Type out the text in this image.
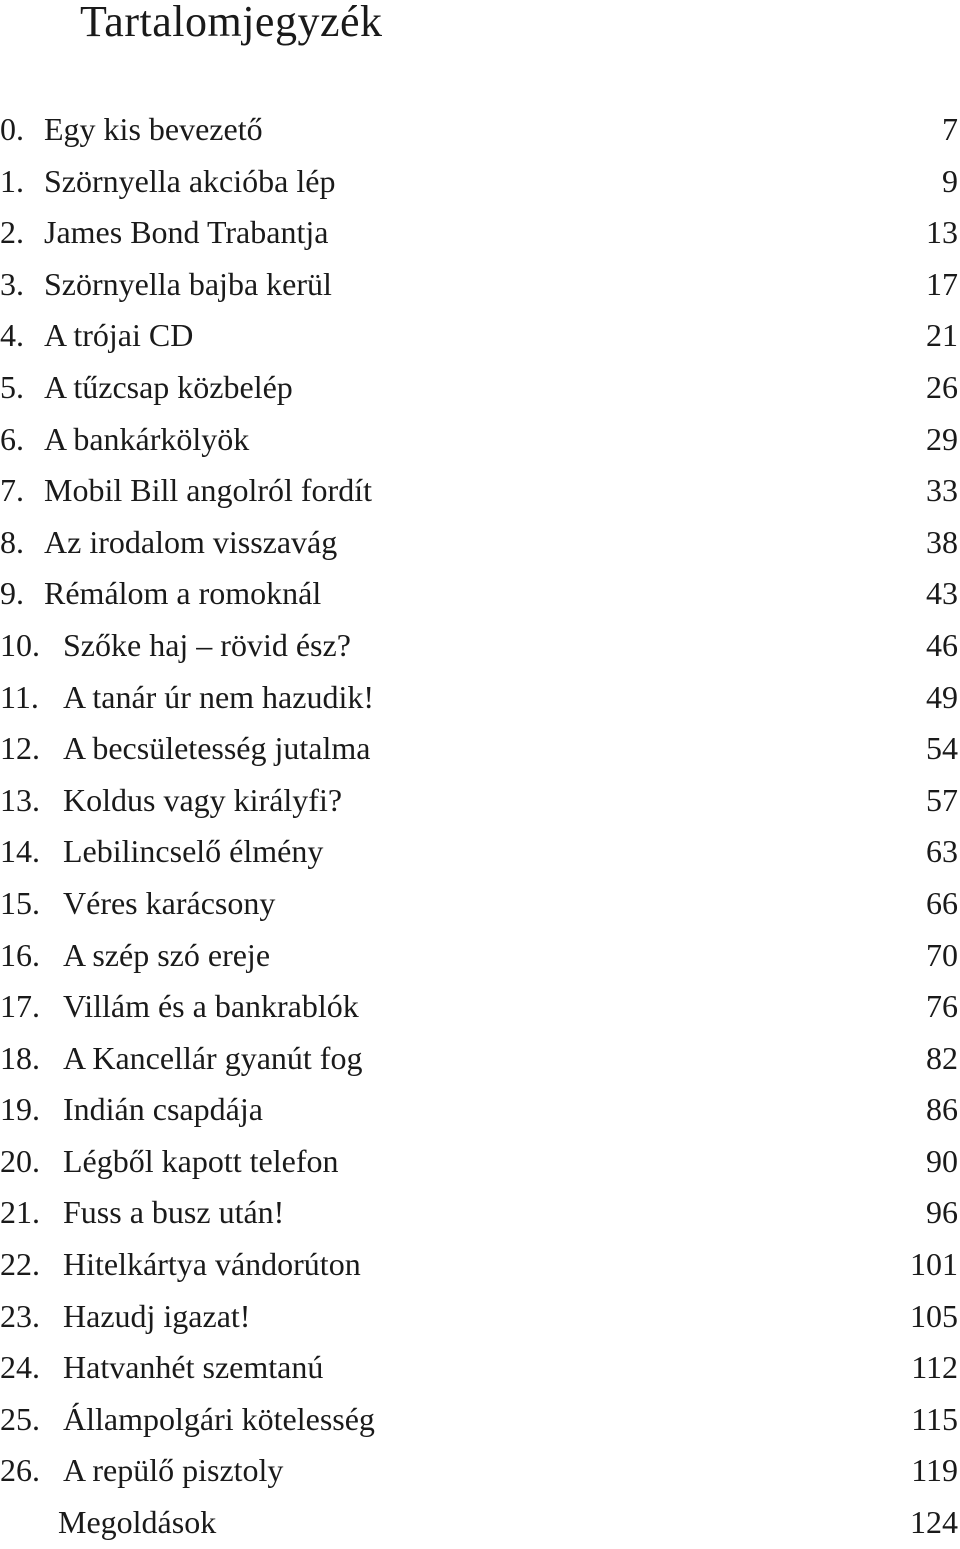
Tartalomjegyzék
0. Egy kis bevezető	7
1. Szörnyella akcióba lép	9
2. James Bond Trabantja	13
3. Szörnyella bajba kerül	17
4. A trójai CD	21
5. A tűzcsap közbelép	26
6. A bankárkölyök	29
7. Mobil Bill angolról fordít	33
8. Az irodalom visszavág	38
9. Rémálom a romoknál	43
10. Szőke haj – rövid ész?	46
11. A tanár úr nem hazudik!	49
12. A becsületesség jutalma	54
13. Koldus vagy királyfi?	57
14. Lebilincselő élmény	63
15. Véres karácsony	66
16. A szép szó ereje	70
17. Villám és a bankrablók	76
18. A Kancellár gyanút fog	82
19. Indián csapdája	86
20. Légből kapott telefon	90
21. Fuss a busz után!	96
22. Hitelkártya vándorúton	101
23. Hazudj igazat!	105
24. Hatvanhét szemtanú	112
25. Állampolgári kötelesség	115
26. A repülő pisztoly	119
Megoldások	124
